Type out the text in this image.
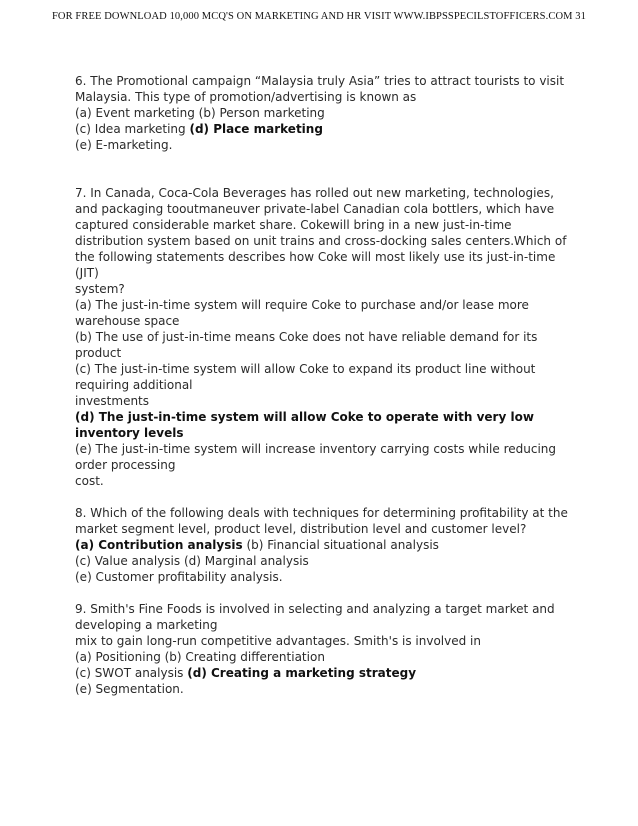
FOR FREE DOWNLOAD 10,000 MCQ'S ON MARKETING AND HR VISIT WWW.IBPSSPECILSTOFFICERS.COM 31
6. The Promotional campaign “Malaysia truly Asia” tries to attract tourists to visit
Malaysia. This type of promotion/advertising is known as
(a) Event marketing (b) Person marketing
(c) Idea marketing (d) Place marketing
(e) E-marketing.
7. In Canada, Coca-Cola Beverages has rolled out new marketing, technologies,
and packaging tooutmaneuver private-label Canadian cola bottlers, which have
captured considerable market share. Cokewill bring in a new just-in-time
distribution system based on unit trains and cross-docking sales centers.Which of
the following statements describes how Coke will most likely use its just-in-time
(JIT)
system?
(a) The just-in-time system will require Coke to purchase and/or lease more
warehouse space
(b) The use of just-in-time means Coke does not have reliable demand for its
product
(c) The just-in-time system will allow Coke to expand its product line without
requiring additional
investments
(d) The just-in-time system will allow Coke to operate with very low
inventory levels
(e) The just-in-time system will increase inventory carrying costs while reducing
order processing
cost.
8. Which of the following deals with techniques for determining profitability at the
market segment level, product level, distribution level and customer level?
(a) Contribution analysis (b) Financial situational analysis
(c) Value analysis (d) Marginal analysis
(e) Customer profitability analysis.
9. Smith's Fine Foods is involved in selecting and analyzing a target market and
developing a marketing
mix to gain long-run competitive advantages. Smith's is involved in
(a) Positioning (b) Creating differentiation
(c) SWOT analysis (d) Creating a marketing strategy
(e) Segmentation.
